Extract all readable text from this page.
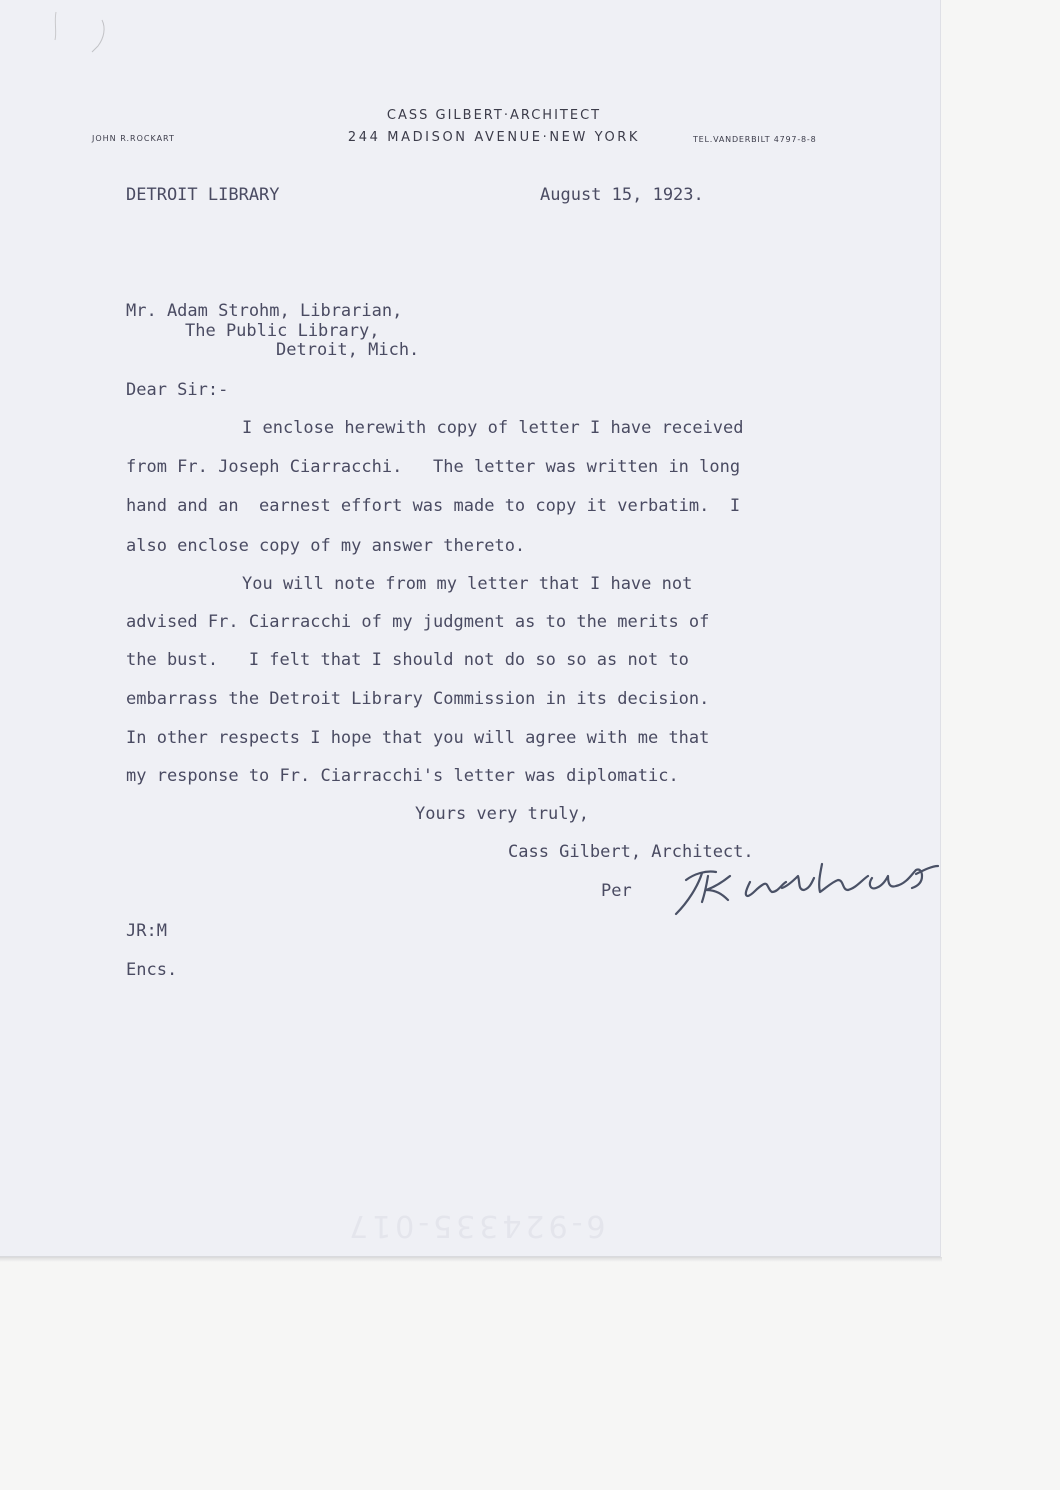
CASS GILBERT·ARCHITECT
244 MADISON AVENUE·NEW YORK
JOHN R.ROCKART	TEL.VANDERBILT 4797-8-8
DETROIT LIBRARY	August 15, 1923.
Mr. Adam Strohm, Librarian,
The Public Library,
Detroit, Mich.
Dear Sir:-
I enclose herewith copy of letter I have received
from Fr. Joseph Ciarracchi.   The letter was written in long
hand and an  earnest effort was made to copy it verbatim.  I
also enclose copy of my answer thereto.
You will note from my letter that I have not
advised Fr. Ciarracchi of my judgment as to the merits of
the bust.   I felt that I should not do so so as not to
embarrass the Detroit Library Commission in its decision.
In other respects I hope that you will agree with me that
my response to Fr. Ciarracchi's letter was diplomatic.
Yours very truly,
Cass Gilbert, Architect.
Per
JR:M
Encs.
6-924335-017
